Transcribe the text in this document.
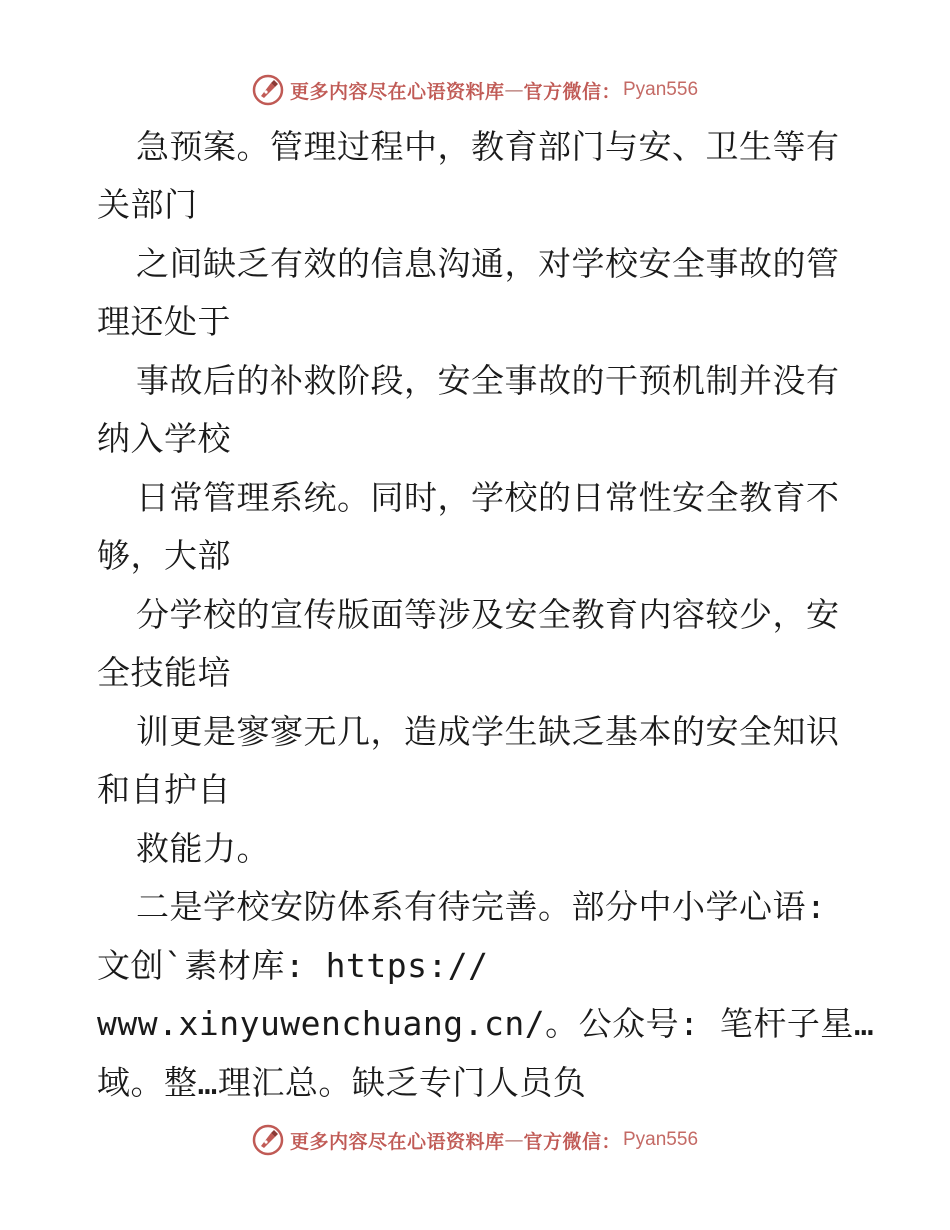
更多内容尽在心语资料库 — 官方微信： Pyan556
急预案。管理过程中，教育部门与安、卫生等有
关部门
之间缺乏有效的信息沟通，对学校安全事故的管
理还处于
事故后的补救阶段，安全事故的干预机制并没有
纳入学校
日常管理系统。同时，学校的日常性安全教育不
够，大部
分学校的宣传版面等涉及安全教育内容较少，安
全技能培
训更是寥寥无几，造成学生缺乏基本的安全知识
和自护自
救能力。
二是学校安防体系有待完善。部分中小学心语:
文创`素材库: https://
www.xinyuwenchuang.cn/。公众号: 笔杆子星…
域。整…理汇总。缺乏专门人员负
更多内容尽在心语资料库 — 官方微信： Pyan556
